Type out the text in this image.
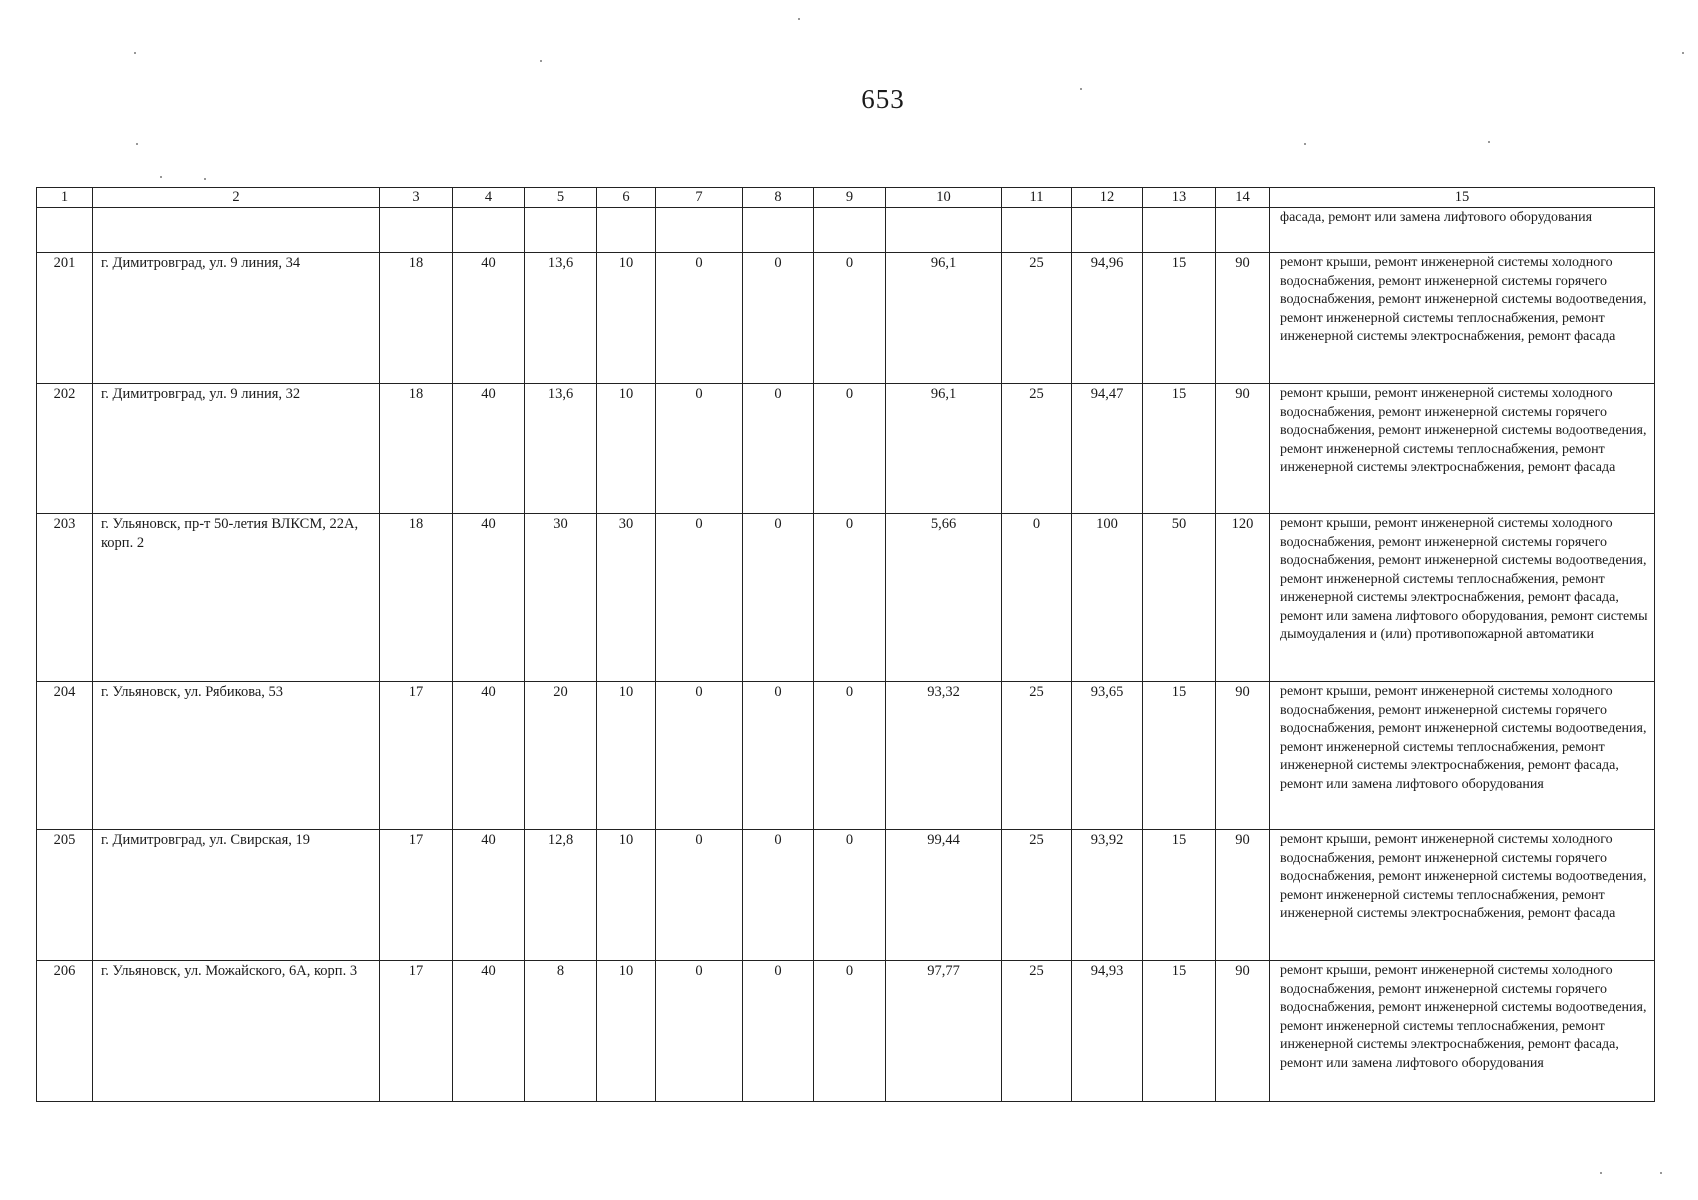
653
1	2	3	4	5	6	7	8	9	10	11	12	13	14	15
														фасада, ремонт или замена лифтового оборудования
201	г. Димитровград, ул. 9 линия, 34	18	40	13,6	10	0	0	0	96,1	25	94,96	15	90	ремонт крыши, ремонт инженерной системы холодного водоснабжения, ремонт инженерной системы горячего водоснабжения, ремонт инженерной системы водоотведения, ремонт инженерной системы теплоснабжения, ремонт инженерной системы электроснабжения, ремонт фасада
202	г. Димитровград, ул. 9 линия, 32	18	40	13,6	10	0	0	0	96,1	25	94,47	15	90	ремонт крыши, ремонт инженерной системы холодного водоснабжения, ремонт инженерной системы горячего водоснабжения, ремонт инженерной системы водоотведения, ремонт инженерной системы теплоснабжения, ремонт инженерной системы электроснабжения, ремонт фасада
203	г. Ульяновск, пр-т 50-летия ВЛКСМ, 22А, корп. 2	18	40	30	30	0	0	0	5,66	0	100	50	120	ремонт крыши, ремонт инженерной системы холодного водоснабжения, ремонт инженерной системы горячего водоснабжения, ремонт инженерной системы водоотведения, ремонт инженерной системы теплоснабжения, ремонт инженерной системы электроснабжения, ремонт фасада, ремонт или замена лифтового оборудования, ремонт системы дымоудаления и (или) противопожарной автоматики
204	г. Ульяновск, ул. Рябикова, 53	17	40	20	10	0	0	0	93,32	25	93,65	15	90	ремонт крыши, ремонт инженерной системы холодного водоснабжения, ремонт инженерной системы горячего водоснабжения, ремонт инженерной системы водоотведения, ремонт инженерной системы теплоснабжения, ремонт инженерной системы электроснабжения, ремонт фасада, ремонт или замена лифтового оборудования
205	г. Димитровград, ул. Свирская, 19	17	40	12,8	10	0	0	0	99,44	25	93,92	15	90	ремонт крыши, ремонт инженерной системы холодного водоснабжения, ремонт инженерной системы горячего водоснабжения, ремонт инженерной системы водоотведения, ремонт инженерной системы теплоснабжения, ремонт инженерной системы электроснабжения, ремонт фасада
206	г. Ульяновск, ул. Можайского, 6А, корп. 3	17	40	8	10	0	0	0	97,77	25	94,93	15	90	ремонт крыши, ремонт инженерной системы холодного водоснабжения, ремонт инженерной системы горячего водоснабжения, ремонт инженерной системы водоотведения, ремонт инженерной системы теплоснабжения, ремонт инженерной системы электроснабжения, ремонт фасада, ремонт или замена лифтового оборудования
